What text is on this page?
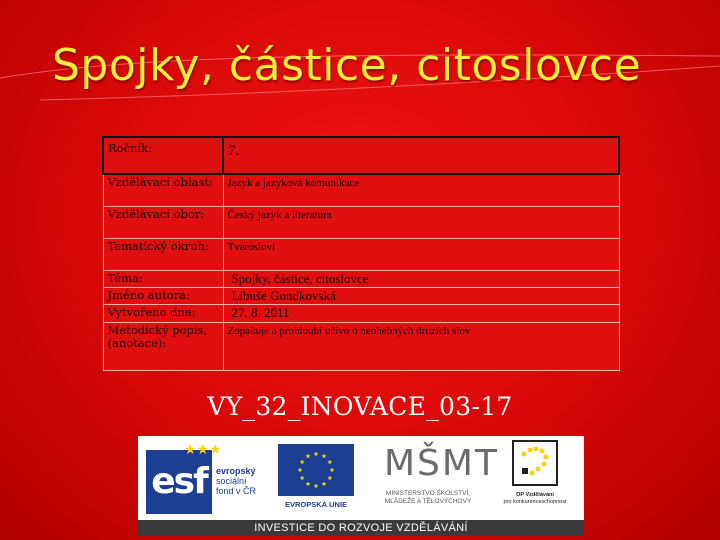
Spojky, částice, citoslovce
Ročník:	7.
Vzdělávací oblast:	Jazyk a jazyková komunikace
Vzdělávací obor:	Český jazyk a literatura
Tematický okruh:	Tvarosloví
Téma:	Spojky, částice, citoslovce
Jméno autora:	Libuše Gondkovská
Vytvořeno dne:	27. 8. 2011
Metodický popis, (anotace):	Zopakuje a prohloubí učivo o neohebných druzích slov
VY_32_INOVACE_03-17
esf
★★★
evropský
sociální
fond v ČR
EVROPSKÁ UNIE
MŠMT
MINISTERSTVO ŠKOLSTVÍ,
MLÁDEŽE A TĚLOVÝCHOVY
OP Vzdělávání
pro konkurenceschopnost
INVESTICE DO ROZVOJE VZDĚLÁVÁNÍ
